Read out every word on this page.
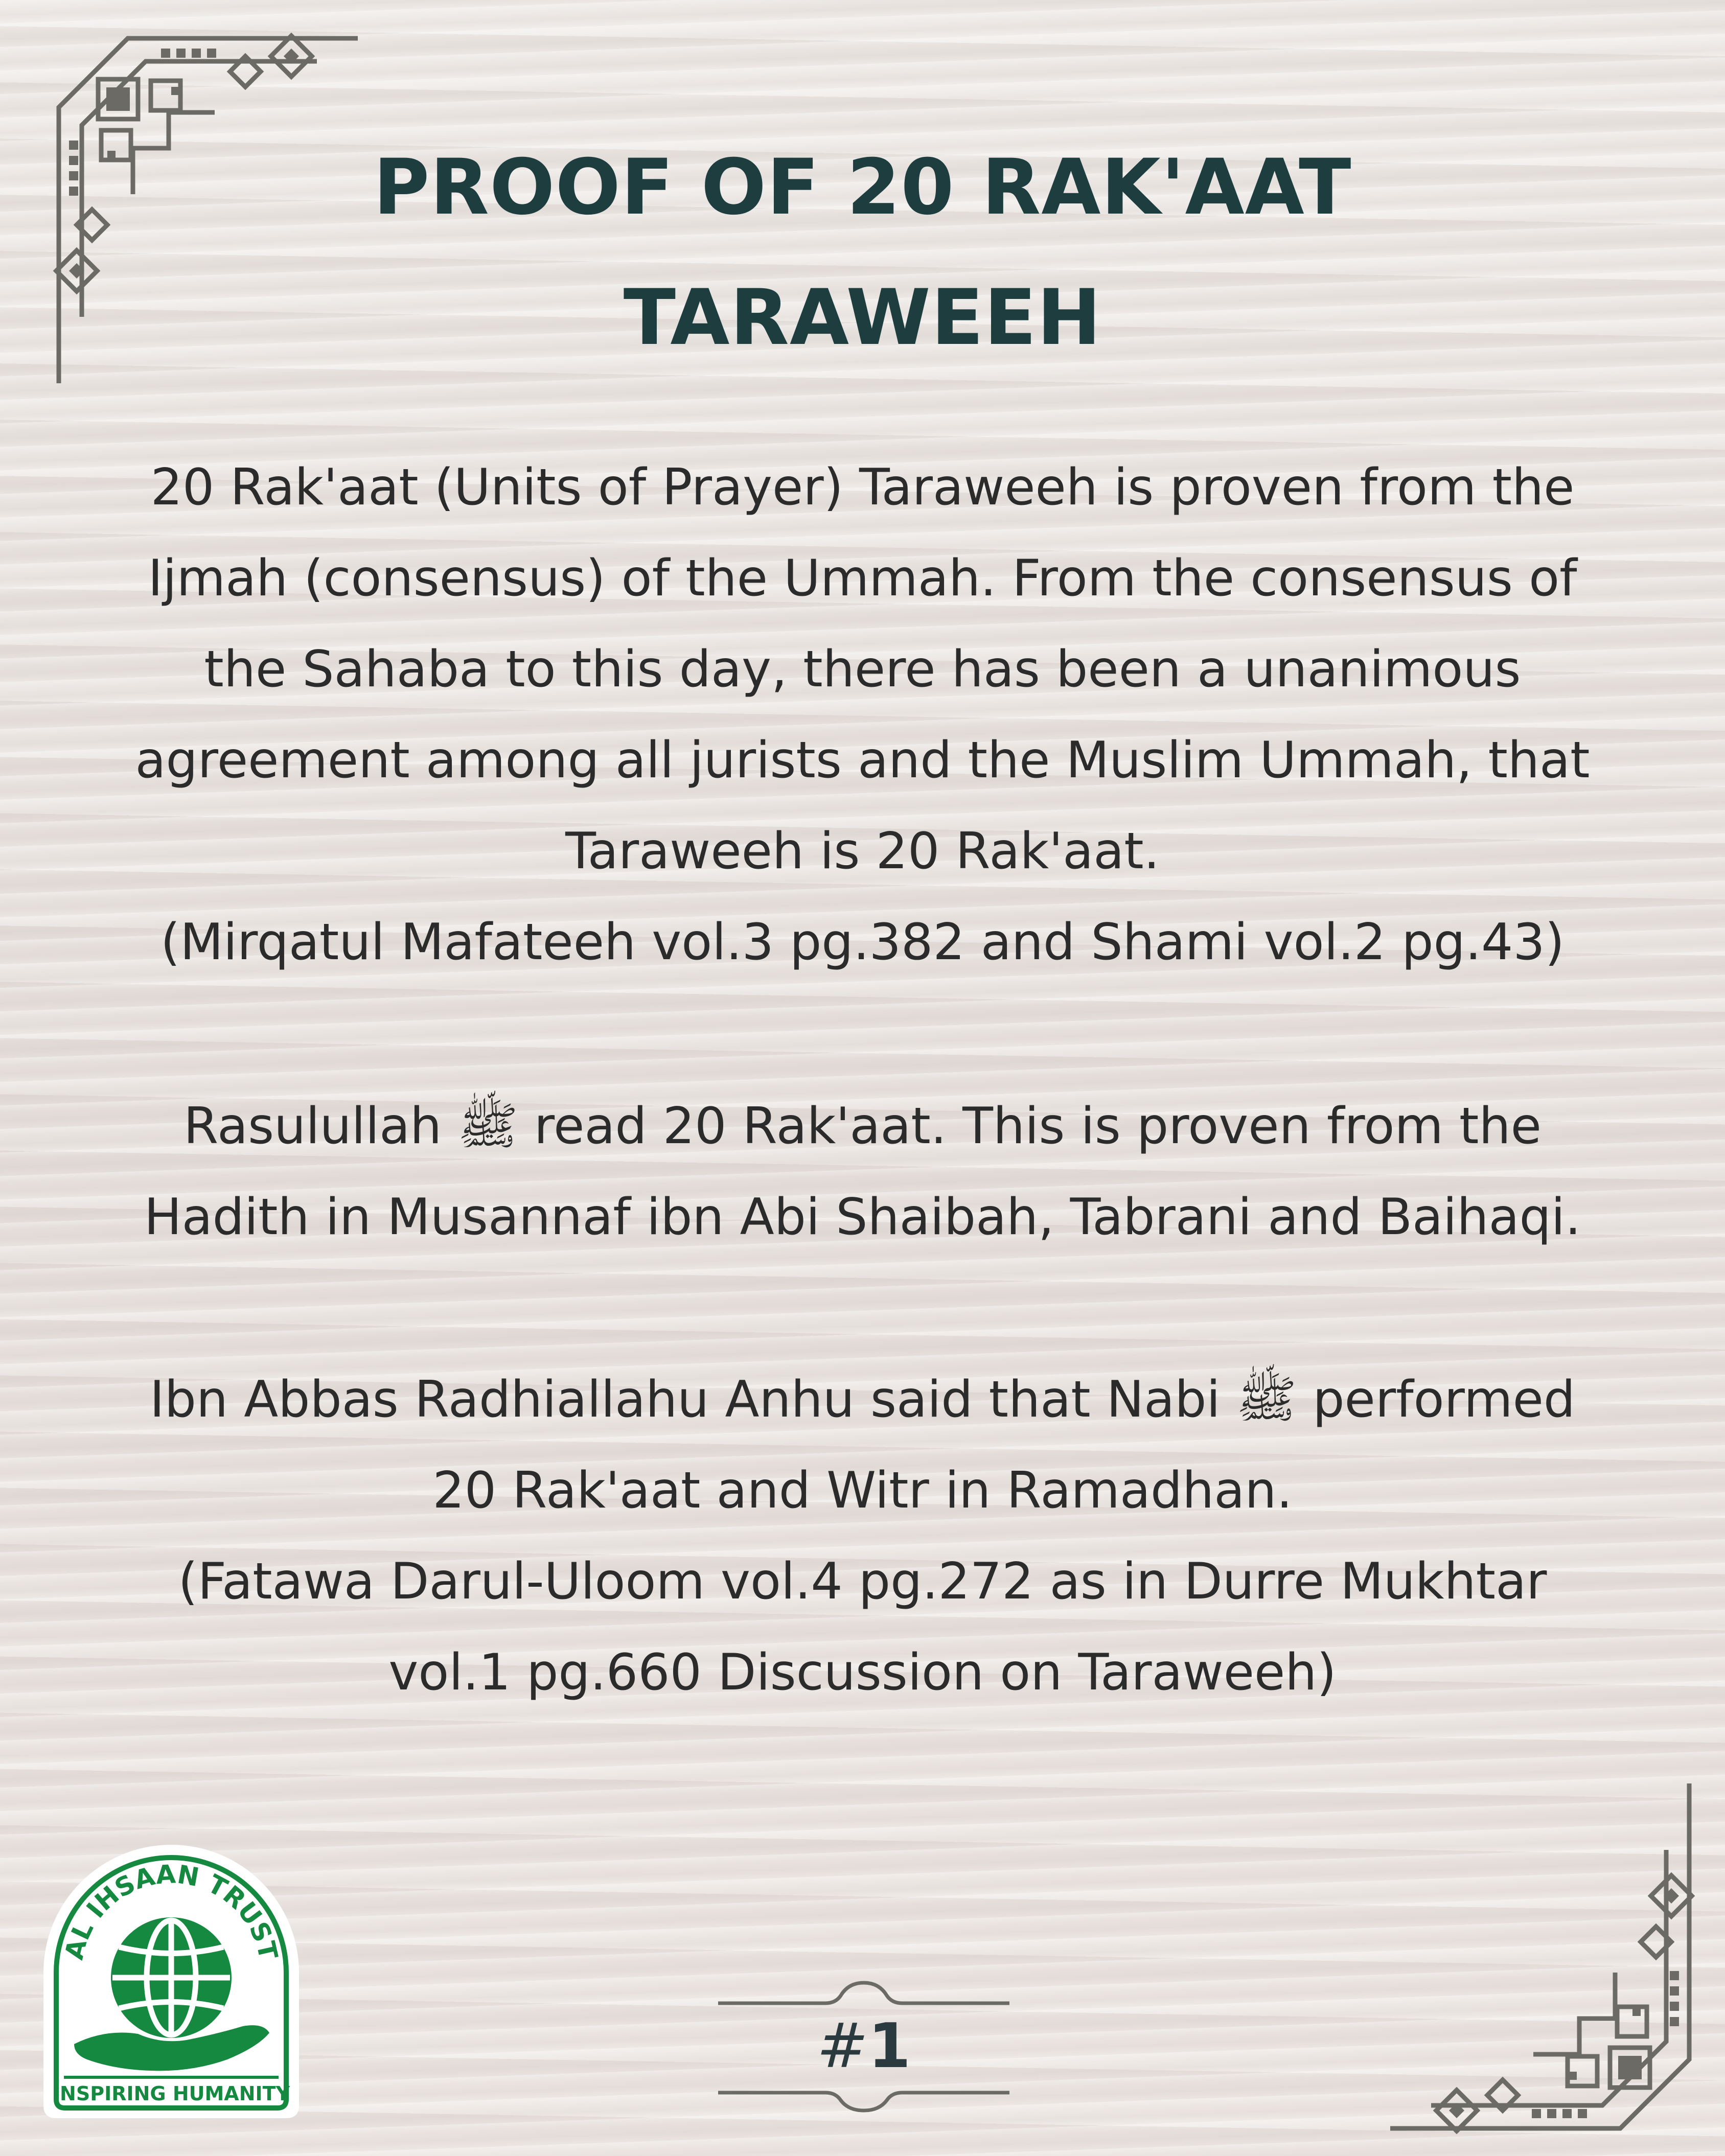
PROOF OF 20 RAK'AAT
TARAWEEH
20 Rak'aat (Units of Prayer) Taraweeh is proven from the
Ijmah (consensus) of the Ummah. From the consensus of
the Sahaba to this day, there has been a unanimous
agreement among all jurists and the Muslim Ummah, that
Taraweeh is 20 Rak'aat.
(Mirqatul Mafateeh vol.3 pg.382 and Shami vol.2 pg.43)
Rasulullah ﷺ read 20 Rak'aat. This is proven from the
Hadith in Musannaf ibn Abi Shaibah, Tabrani and Baihaqi.
Ibn Abbas Radhiallahu Anhu said that Nabi ﷺ performed
20 Rak'aat and Witr in Ramadhan.
(Fatawa Darul-Uloom vol.4 pg.272 as in Durre Mukhtar
vol.1 pg.660 Discussion on Taraweeh)
AL IHSAAN TRUST
INSPIRING HUMANITY
#1
